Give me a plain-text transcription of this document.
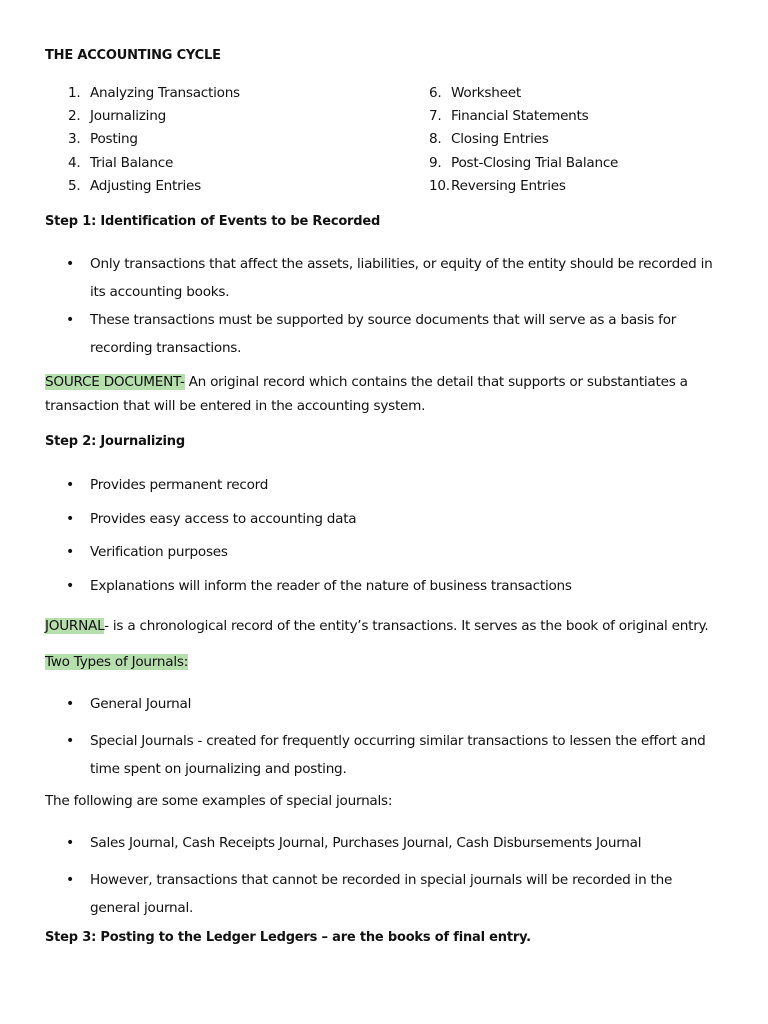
THE ACCOUNTING CYCLE
1. Analyzing Transactions
2. Journalizing
3. Posting
4. Trial Balance
5. Adjusting Entries
6. Worksheet
7. Financial Statements
8. Closing Entries
9. Post-Closing Trial Balance
10.Reversing Entries
Step 1: Identification of Events to be Recorded
• Only transactions that affect the assets, liabilities, or equity of the entity should be recorded in its accounting books.
• These transactions must be supported by source documents that will serve as a basis for recording transactions.
SOURCE DOCUMENT- An original record which contains the detail that supports or substantiates a transaction that will be entered in the accounting system.
Step 2: Journalizing
• Provides permanent record
• Provides easy access to accounting data
• Verification purposes
• Explanations will inform the reader of the nature of business transactions
JOURNAL- is a chronological record of the entity’s transactions. It serves as the book of original entry.
Two Types of Journals:
• General Journal
• Special Journals - created for frequently occurring similar transactions to lessen the effort and time spent on journalizing and posting.
The following are some examples of special journals:
• Sales Journal, Cash Receipts Journal, Purchases Journal, Cash Disbursements Journal
• However, transactions that cannot be recorded in special journals will be recorded in the general journal.
Step 3: Posting to the Ledger Ledgers – are the books of final entry.
